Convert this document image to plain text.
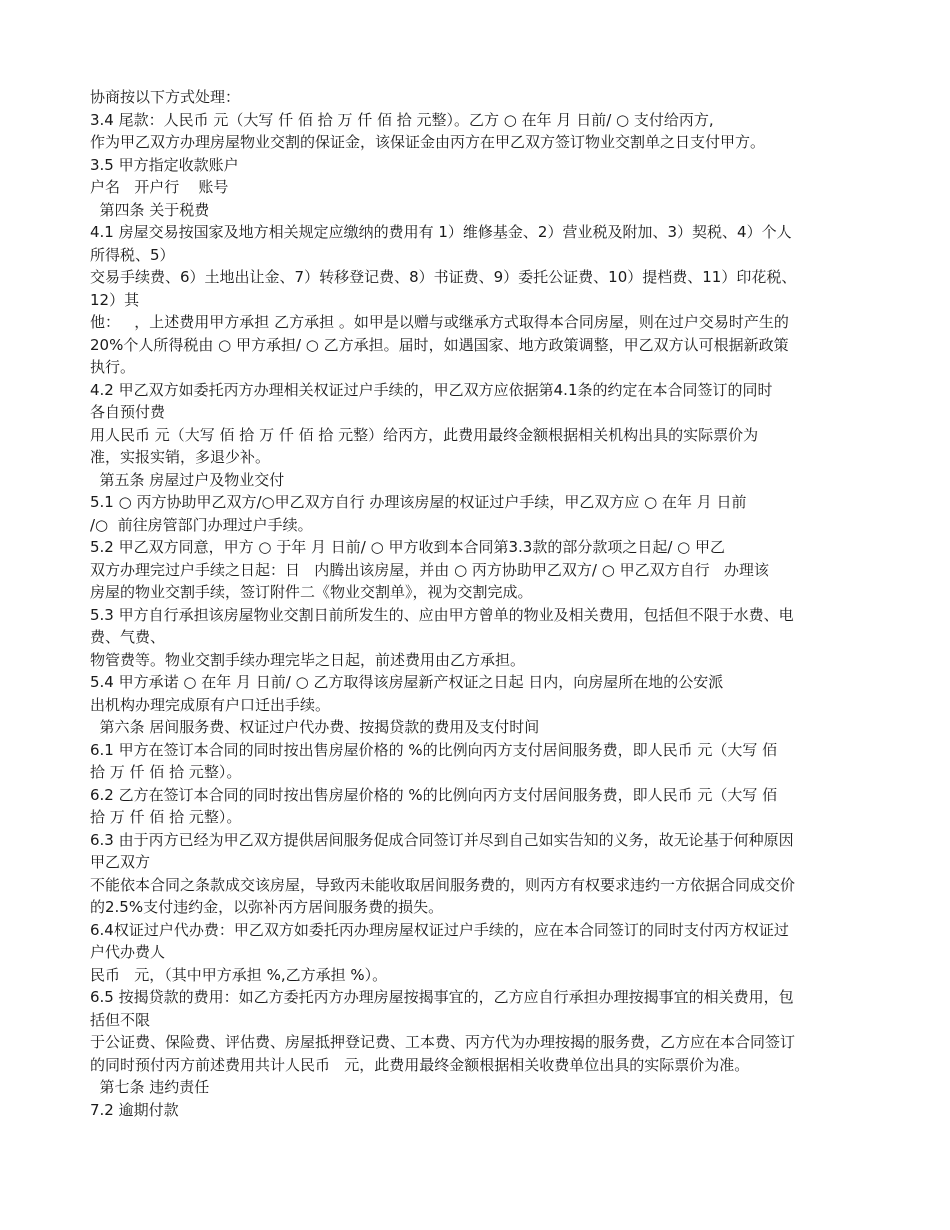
协商按以下方式处理：
3.4 尾款：人民币 元（大写 仟 佰 拾 万 仟 佰 拾 元整）。乙方 ○ 在年 月 日前/ ○ 支付给丙方,
作为甲乙双方办理房屋物业交割的保证金，该保证金由丙方在甲乙双方签订物业交割单之日支付甲方。
3.5 甲方指定收款账户
户名   开户行    账号
第四条 关于税费
4.1 房屋交易按国家及地方相关规定应缴纳的费用有 1）维修基金、2）营业税及附加、3）契税、4）个人
所得税、5）
交易手续费、6）土地出让金、7）转移登记费、8）书证费、9）委托公证费、10）提档费、11）印花税、
12）其
他：   ，上述费用甲方承担 乙方承担 。如甲是以赠与或继承方式取得本合同房屋，则在过户交易时产生的
20%个人所得税由 ○ 甲方承担/ ○ 乙方承担。届时，如遇国家、地方政策调整，甲乙双方认可根据新政策
执行。
4.2 甲乙双方如委托丙方办理相关权证过户手续的，甲乙双方应依据第4.1条的约定在本合同签订的同时
各自预付费
用人民币 元（大写 佰 拾 万 仟 佰 拾 元整）给丙方，此费用最终金额根据相关机构出具的实际票价为
准，实报实销，多退少补。
第五条 房屋过户及物业交付
5.1 ○ 丙方协助甲乙双方/○甲乙双方自行 办理该房屋的权证过户手续，甲乙双方应 ○ 在年 月 日前
/○  前往房管部门办理过户手续。
5.2 甲乙双方同意，甲方 ○ 于年 月 日前/ ○ 甲方收到本合同第3.3款的部分款项之日起/ ○ 甲乙
双方办理完过户手续之日起：日   内腾出该房屋，并由 ○ 丙方协助甲乙双方/ ○ 甲乙双方自行   办理该
房屋的物业交割手续，签订附件二《物业交割单》，视为交割完成。
5.3 甲方自行承担该房屋物业交割日前所发生的、应由甲方曾单的物业及相关费用，包括但不限于水费、电
费、气费、
物管费等。物业交割手续办理完毕之日起，前述费用由乙方承担。
5.4 甲方承诺 ○ 在年 月 日前/ ○ 乙方取得该房屋新产权证之日起 日内，向房屋所在地的公安派
出机构办理完成原有户口迁出手续。
第六条 居间服务费、权证过户代办费、按揭贷款的费用及支付时间
6.1 甲方在签订本合同的同时按出售房屋价格的 %的比例向丙方支付居间服务费，即人民币 元（大写 佰
拾 万 仟 佰 拾 元整）。
6.2 乙方在签订本合同的同时按出售房屋价格的 %的比例向丙方支付居间服务费，即人民币 元（大写 佰
拾 万 仟 佰 拾 元整）。
6.3 由于丙方已经为甲乙双方提供居间服务促成合同签订并尽到自己如实告知的义务，故无论基于何种原因
甲乙双方
不能依本合同之条款成交该房屋，导致丙未能收取居间服务费的，则丙方有权要求违约一方依据合同成交价
的2.5%支付违约金，以弥补丙方居间服务费的损失。
6.4权证过户代办费：甲乙双方如委托丙办理房屋权证过户手续的，应在本合同签订的同时支付丙方权证过
户代办费人
民币   元，（其中甲方承担 %,乙方承担 %）。
6.5 按揭贷款的费用：如乙方委托丙方办理房屋按揭事宜的，乙方应自行承担办理按揭事宜的相关费用，包
括但不限
于公证费、保险费、评估费、房屋抵押登记费、工本费、丙方代为办理按揭的服务费，乙方应在本合同签订
的同时预付丙方前述费用共计人民币   元，此费用最终金额根据相关收费单位出具的实际票价为准。
第七条 违约责任
7.2 逾期付款
